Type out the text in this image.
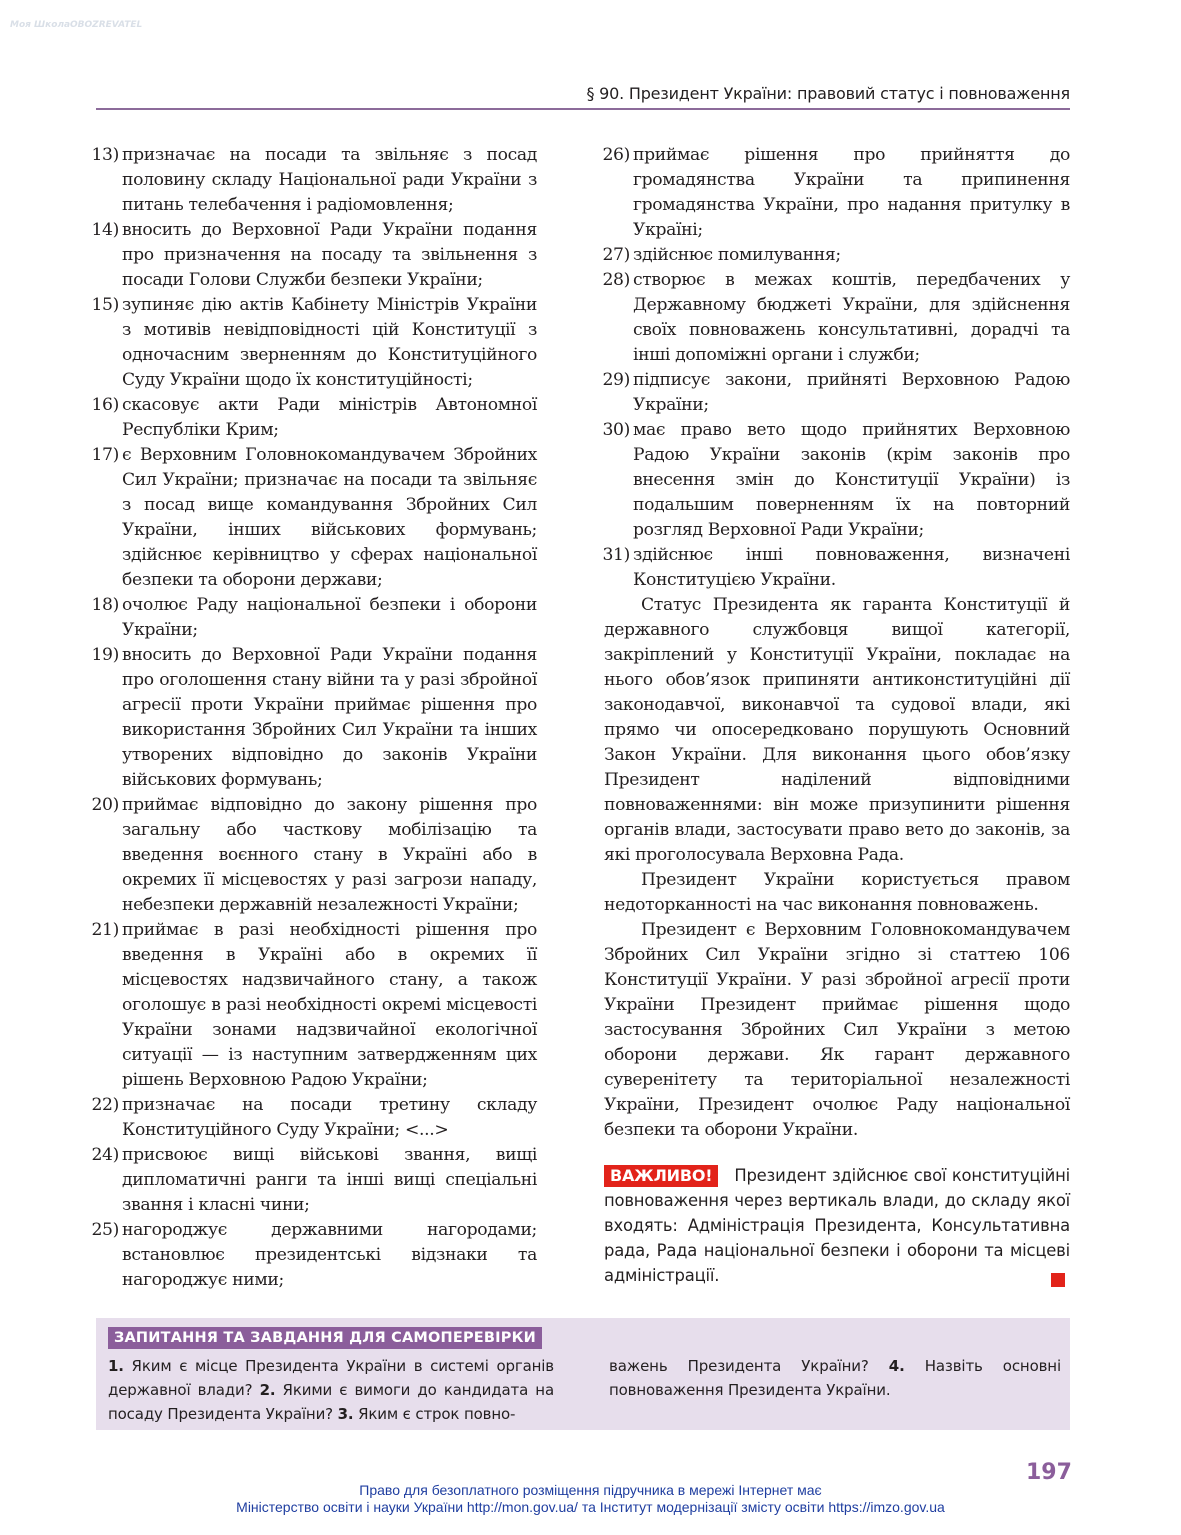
Моя Школа OBOZREVATEL
§ 90. Президент України: правовий статус і повноваження
13) призначає на посади та звільняє з посад половину складу Національної ради України з питань телебачення і радіомовлення;
14) вносить до Верховної Ради України подання про призначення на посаду та звільнення з посади Голови Служби безпеки України;
15) зупиняє дію актів Кабінету Міністрів України з мотивів невідповідності цій Конституції з одночасним зверненням до Конституційного Суду України щодо їх конституційності;
16) скасовує акти Ради міністрів Автономної Республіки Крим;
17) є Верховним Головнокомандувачем Збройних Сил України; призначає на посади та звільняє з посад вище командування Збройних Сил України, інших військових формувань; здійснює керівництво у сферах національної безпеки та оборони держави;
18) очолює Раду національної безпеки і оборони України;
19) вносить до Верховної Ради України подання про оголошення стану війни та у разі збройної агресії проти України приймає рішення про використання Збройних Сил України та інших утворених відповідно до законів України військових формувань;
20) приймає відповідно до закону рішення про загальну або часткову мобілізацію та введення воєнного стану в Україні або в окремих її місцевостях у разі загрози нападу, небезпеки державній незалежності України;
21) приймає в разі необхідності рішення про введення в Україні або в окремих її місцевостях надзвичайного стану, а також оголошує в разі необхідності окремі місцевості України зонами надзвичайної екологічної ситуації — із наступним затвердженням цих рішень Верховною Радою України;
22) призначає на посади третину складу Конституційного Суду України; <...>
24) присвоює вищі військові звання, вищі дипломатичні ранги та інші вищі спеціальні звання і класні чини;
25) нагороджує державними нагородами; встановлює президентські відзнаки та нагороджує ними;
26) приймає рішення про прийняття до громадянства України та припинення громадянства України, про надання притулку в Україні;
27) здійснює помилування;
28) створює в межах коштів, передбачених у Державному бюджеті України, для здійснення своїх повноважень консультативні, дорадчі та інші допоміжні органи і служби;
29) підписує закони, прийняті Верховною Радою України;
30) має право вето щодо прийнятих Верховною Радою України законів (крім законів про внесення змін до Конституції України) із подальшим поверненням їх на повторний розгляд Верховної Ради України;
31) здійснює інші повноваження, визначені Конституцією України.

Статус Президента як гаранта Конституції й державного службовця вищої категорії, закріплений у Конституції України, покладає на нього обов’язок припиняти антиконституційні дії законодавчої, виконавчої та судової влади, які прямо чи опосередковано порушують Основний Закон України. Для виконання цього обов’язку Президент наділений відповідними повноваженнями: він може призупинити рішення органів влади, застосувати право вето до законів, за які проголосувала Верховна Рада.

Президент України користується правом недоторканності на час виконання повноважень.

Президент є Верховним Головнокомандувачем Збройних Сил України згідно зі статтею 106 Конституції України. У разі збройної агресії проти України Президент приймає рішення щодо застосування Збройних Сил України з метою оборони держави. Як гарант державного суверенітету та територіальної незалежності України, Президент очолює Раду національної безпеки та оборони України.

ВАЖЛИВО! Президент здійснює свої конституційні повноваження через вертикаль влади, до складу якої входять: Адміністрація Президента, Консультативна рада, Рада національної безпеки і оборони та місцеві адміністрації.
ЗАПИТАННЯ ТА ЗАВДАННЯ ДЛЯ САМОПЕРЕВІРКИ
1. Яким є місце Президента України в системі органів державної влади? 2. Якими є вимоги до кандидата на посаду Президента України? 3. Яким є строк повно-
важень Президента України? 4. Назвіть основні повноваження Президента України.
197
Право для безоплатного розміщення підручника в мережі Інтернет має
Міністерство освіти і науки України http://mon.gov.ua/ та Інститут модернізації змісту освіти https://imzo.gov.ua
